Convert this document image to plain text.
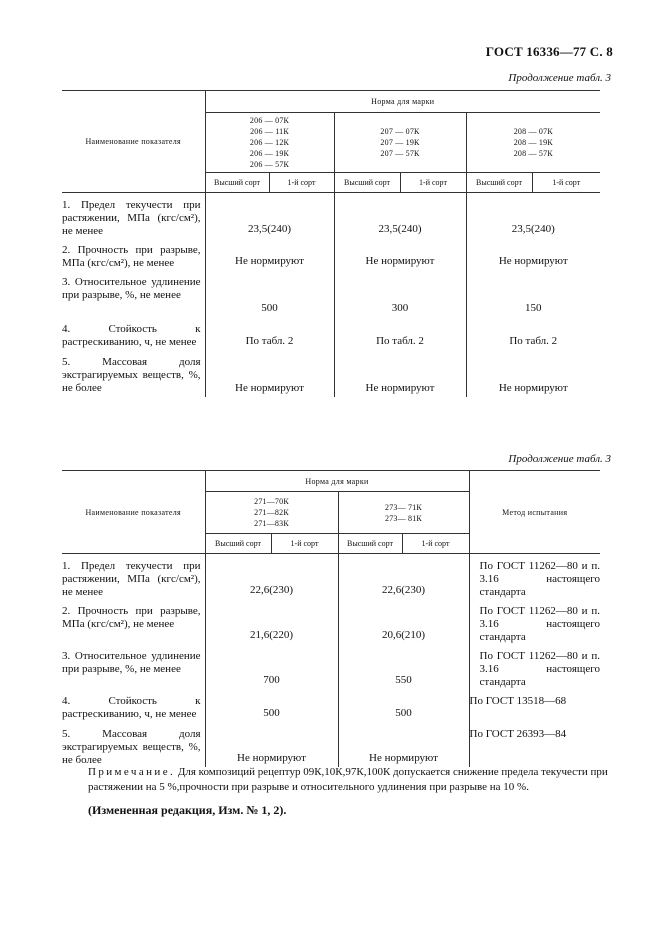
ГОСТ 16336—77 С. 8
Продолжение табл. 3
Наименование показателя	Норма для марки					
	206 — 07К
206 — 11К
206 — 12К
206 — 19К
206 — 57К		207 — 07К
207 — 19К
207 — 57К		208 — 07К
208 — 19К
208 — 57К	
	Высший сорт	1-й сорт	Высший сорт	1-й сорт	Высший сорт	1-й сорт
1. Предел текучести при растяжении, МПа (кгс/см²), не менее	23,5(240)		23,5(240)		23,5(240)	
2. Прочность при разрыве, МПа (кгс/см²), не менее	Не нормируют		Не нормируют		Не нормируют	
3. Относительное удлинение при разрыве, %, не менее	500		300		150	
4. Стойкость к растрескиванию, ч, не менее	По табл. 2		По табл. 2		По табл. 2	
5. Массовая доля экстрагируемых веществ, %, не более	Не нормируют		Не нормируют		Не нормируют	
Продолжение табл. 3
Наименование показателя	Норма для марки				Метод испытания
	271—70К
271—82К
271—83К		273— 71К
273— 81К		
	Высший сорт	1-й сорт	Высший сорт	1-й сорт	
1. Предел текучести при растяжении, МПа (кгс/см²), не менее	22,6(230)		22,6(230)		По ГОСТ 11262—80 и п. 3.16 настоящего стандарта
2. Прочность при разрыве, МПа (кгс/см²), не менее	21,6(220)		20,6(210)		По ГОСТ 11262—80 и п. 3.16 настоящего стандарта
3. Относительное удлинение при разрыве, %, не менее	700		550		По ГОСТ 11262—80 и п. 3.16 настоящего стандарта
4. Стойкость к растрескиванию, ч, не менее	500		500		По ГОСТ 13518—68
5. Массовая доля экстрагируемых веществ, %, не более	Не нормируют		Не нормируют		По ГОСТ 26393—84
Примечание. Для композиций рецептур 09К,10К,97К,100К допускается снижение предела текучести при растяжении на 5 %,прочности при разрыве и относительного удлинения при разрыве на 10 %.
(Измененная редакция, Изм. № 1, 2).
